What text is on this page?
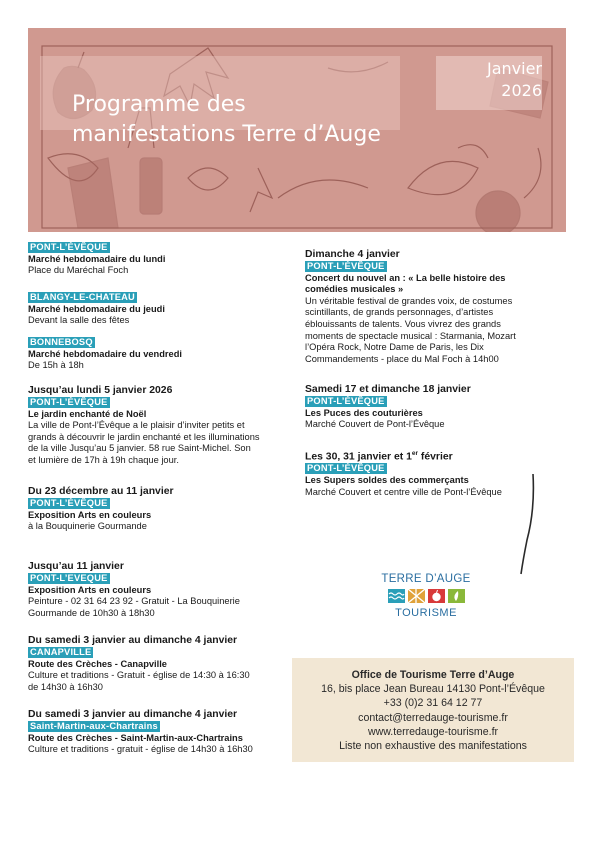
Programme des
manifestations Terre d’Auge
Janvier
2026
PONT-L’ÉVÊQUE
Marché hebdomadaire du lundi
Place du Maréchal Foch
BLANGY-LE-CHATEAU
Marché hebdomadaire du jeudi
Devant la salle des fêtes
BONNEBOSQ
Marché hebdomadaire du vendredi
De 15h à 18h
Jusqu’au lundi 5 janvier 2026
PONT-L’ÉVÊQUE
Le jardin enchanté de Noël
La ville de Pont-l’Évêque a le plaisir d’inviter petits et
grands à découvrir le jardin enchanté et les illuminations
de la ville Jusqu’au 5 janvier. 58 rue Saint-Michel. Son
et lumière de 17h à 19h chaque jour.
Du 23 décembre au 11 janvier
PONT-L’ÉVÊQUE
Exposition Arts en couleurs
à la Bouquinerie Gourmande
Jusqu’au 11 janvier
PONT-L’EVEQUE
Exposition Arts en couleurs
Peinture - 02 31 64 23 92 - Gratuit - La Bouquinerie
Gourmande de 10h30 à 18h30
Du samedi 3 janvier au dimanche 4 janvier
CANAPVILLE
Route des Crèches - Canapville
Culture et traditions - Gratuit - église de 14:30 à 16:30
de 14h30 à 16h30
Du samedi 3 janvier au dimanche 4 janvier
Saint-Martin-aux-Chartrains
Route des Crèches - Saint-Martin-aux-Chartrains
Culture et traditions - gratuit - église de 14h30 à 16h30
Dimanche 4 janvier
PONT-L’ÉVÊQUE
Concert du nouvel an : « La belle histoire des
comédies musicales »
Un véritable festival de grandes voix, de costumes
scintillants, de grands personnages, d’artistes
éblouissants de talents. Vous vivrez des grands
moments de spectacle musical : Starmania, Mozart
l’Opéra Rock, Notre Dame de Paris, les Dix
Commandements - place du Mal Foch à 14h00
Samedi 17 et dimanche 18 janvier
PONT-L’ÉVÊQUE
Les Puces des couturières
Marché Couvert de Pont-l’Évêque
Les 30, 31 janvier et 1er février
PONT-L’ÉVÊQUE
Les Supers soldes des commerçants
Marché Couvert et centre ville de Pont-l’Évêque
TERRE D’AUGE
TOURISME

Office de Tourisme Terre d’Auge

16, bis place Jean Bureau 14130 Pont-l’Évêque

+33 (0)2 31 64 12 77

contact@terredauge-tourisme.fr

www.terredauge-tourisme.fr

Liste non exhaustive des manifestations
